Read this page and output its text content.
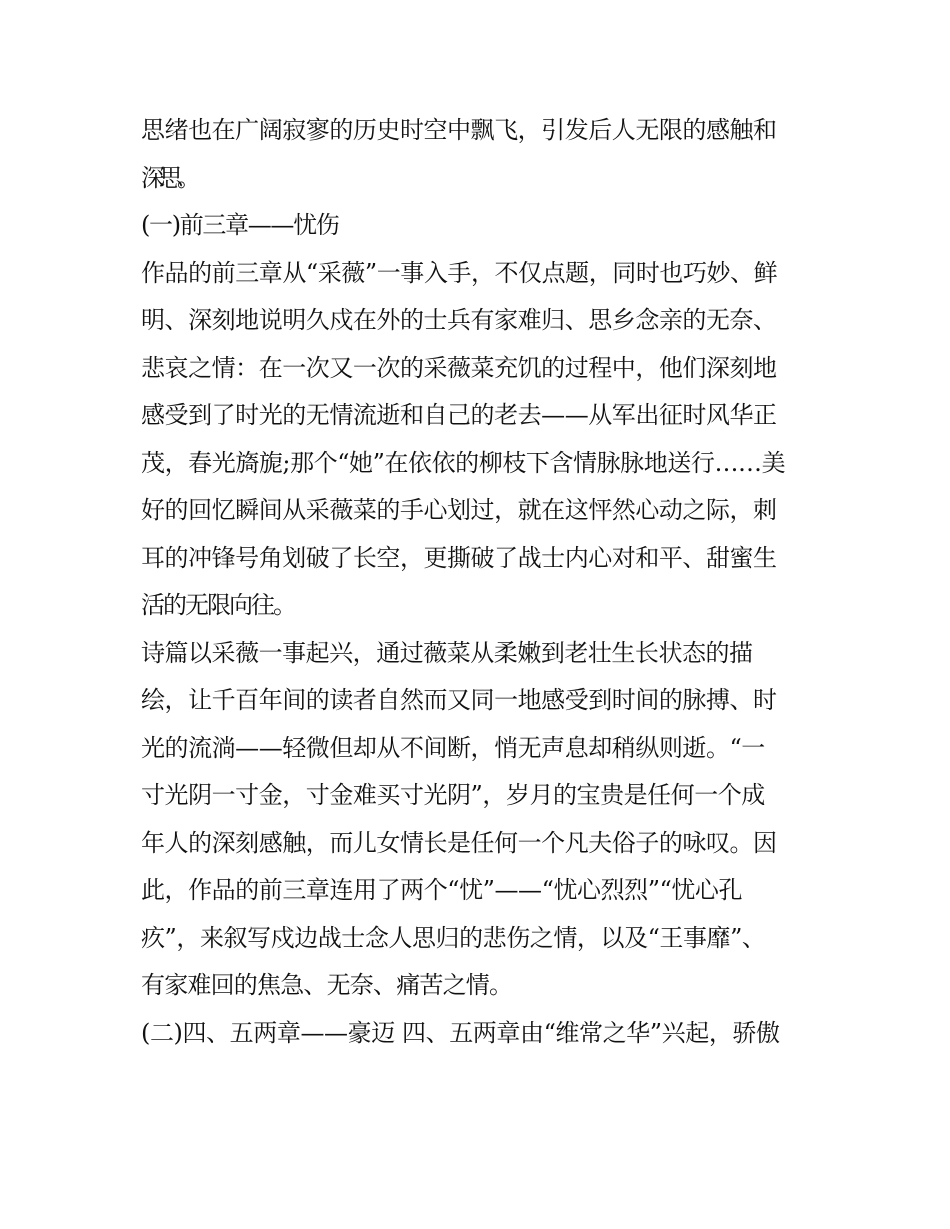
思绪也在广阔寂寥的历史时空中飘飞，引发后人无限的感触和
深思。
(一)前三章——忧伤
作品的前三章从“采薇”一事入手，不仅点题，同时也巧妙、鲜
明、深刻地说明久戍在外的士兵有家难归、思乡念亲的无奈、
悲哀之情：在一次又一次的采薇菜充饥的过程中，他们深刻地
感受到了时光的无情流逝和自己的老去——从军出征时风华正
茂，春光旖旎;那个“她”在依依的柳枝下含情脉脉地送行……美
好的回忆瞬间从采薇菜的手心划过，就在这怦然心动之际，刺
耳的冲锋号角划破了长空，更撕破了战士内心对和平、甜蜜生
活的无限向往。
诗篇以采薇一事起兴，通过薇菜从柔嫩到老壮生长状态的描
绘，让千百年间的读者自然而又同一地感受到时间的脉搏、时
光的流淌——轻微但却从不间断，悄无声息却稍纵则逝。“一
寸光阴一寸金，寸金难买寸光阴”，岁月的宝贵是任何一个成
年人的深刻感触，而儿女情长是任何一个凡夫俗子的咏叹。因
此，作品的前三章连用了两个“忧”——“忧心烈烈”“忧心孔
疚”，来叙写戍边战士念人思归的悲伤之情，以及“王事靡”、
有家难回的焦急、无奈、痛苦之情。
(二)四、五两章——豪迈 四、五两章由“维常之华”兴起，骄傲
